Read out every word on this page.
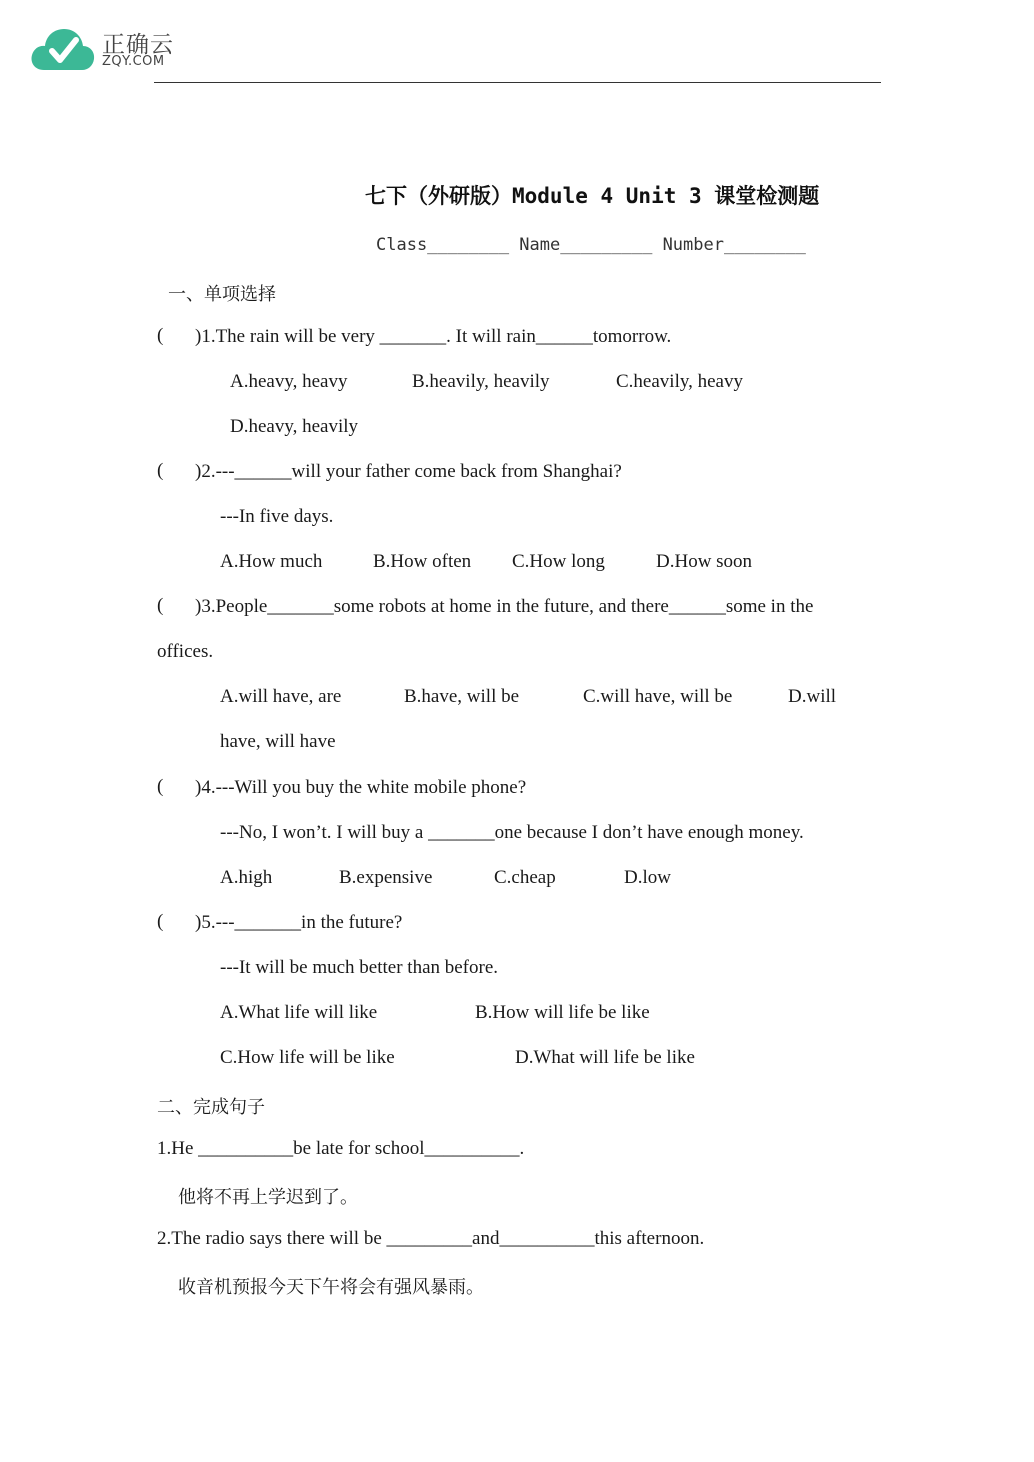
正确云
ZQY.COM
七下（外研版）Module 4 Unit 3 课堂检测题
Class________ Name_________ Number________
一、单项选择
( )1.The rain will be very _______. It will rain______tomorrow.
A.heavy, heavy	B.heavily, heavily	C.heavily, heavy
D.heavy, heavily
( )2.---______will your father come back from Shanghai?
---In five days.
A.How much	B.How often C.How long	D.How soon
( )3.People_______some robots at home in the future, and there______some in the
offices.
A.will have, are	B.have, will be	C.will have, will be	D.will
have, will have
( )4.---Will you buy the white mobile phone?
---No, I won’t. I will buy a _______one because I don’t have enough money.
A.high	B.expensive	C.cheap	D.low
( )5.---_______in the future?
---It will be much better than before.
A.What life will like	B.How will life be like
C.How life will be like	D.What will life be like
二、完成句子
1.He __________be late for school__________.
他将不再上学迟到了。
2.The radio says there will be _________and__________this afternoon.
收音机预报今天下午将会有强风暴雨。
